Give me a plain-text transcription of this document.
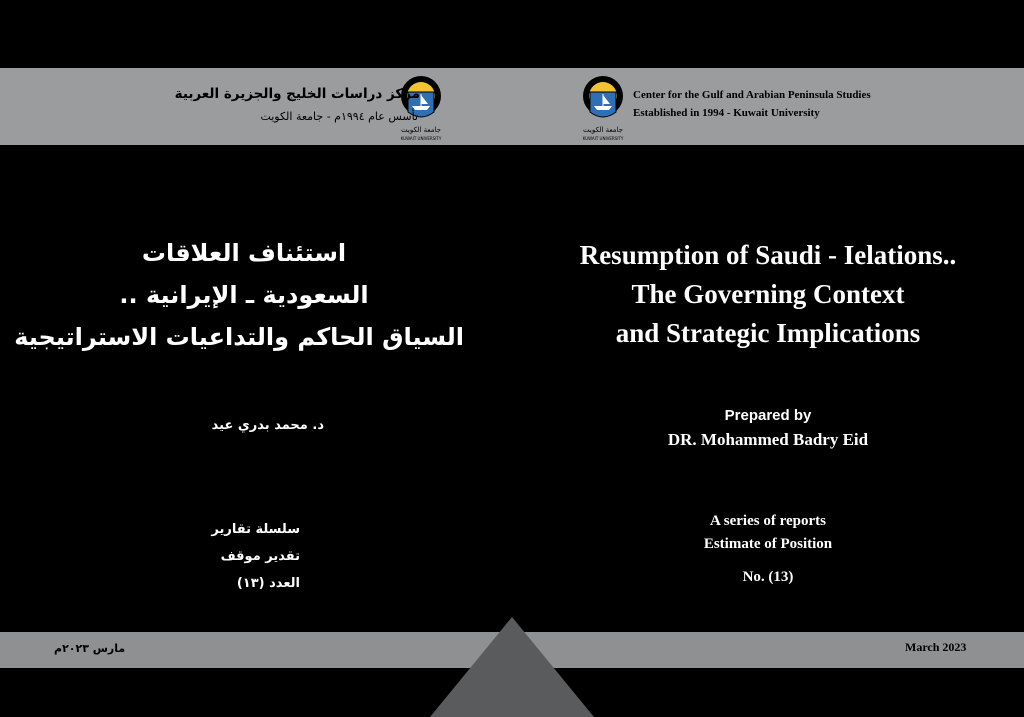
جامعة الكويت
KUWAIT UNIVERSITY
جامعة الكويت
KUWAIT UNIVERSITY
مركز دراسات الخليج والجزيرة العربية
تأسس عام ١٩٩٤م - جامعة الكويت
Center for the Gulf and Arabian Peninsula Studies
Established in 1994 - Kuwait University
استئناف العلاقات
السعودية ـ الإيرانية ..
السياق الحاكم والتداعيات الاستراتيجية
Resumption of Saudi - Ielations..
The Governing Context
and Strategic Implications
د. محمد بدري عيد
Prepared by
DR. Mohammed Badry Eid
سلسلة تقارير
تقدير موقف
العدد (١٣)
A series of reports
Estimate of Position
No. (13)
مارس ٢٠٢٣م	March 2023
